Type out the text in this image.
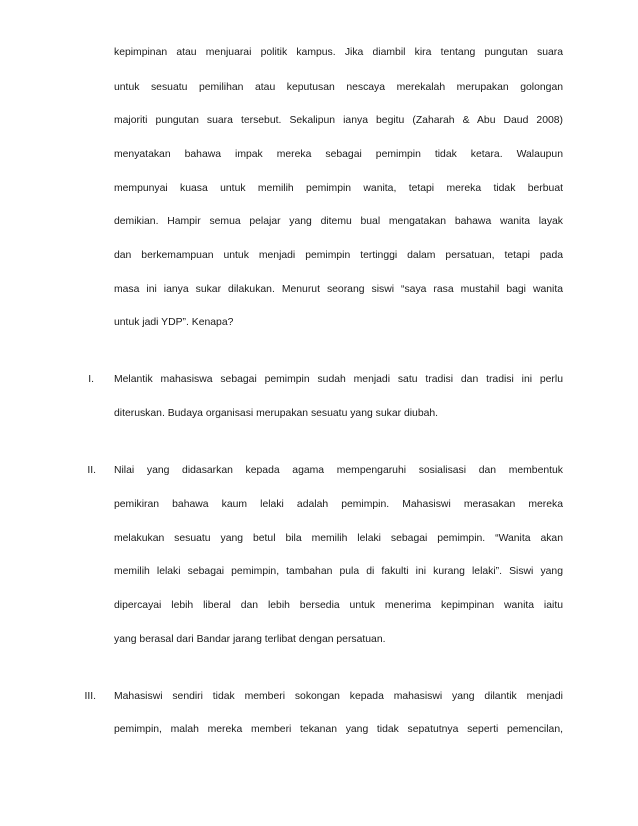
kepimpinan atau menjuarai politik kampus. Jika diambil kira tentang pungutan suara
untuk sesuatu pemilihan atau keputusan nescaya merekalah merupakan golongan
majoriti pungutan suara tersebut. Sekalipun ianya begitu (Zaharah & Abu Daud 2008)
menyatakan bahawa impak mereka sebagai pemimpin tidak ketara. Walaupun
mempunyai kuasa untuk memilih pemimpin wanita, tetapi mereka tidak berbuat
demikian. Hampir semua pelajar yang ditemu bual mengatakan bahawa wanita layak
dan berkemampuan untuk menjadi pemimpin tertinggi dalam persatuan, tetapi pada
masa ini ianya sukar dilakukan. Menurut seorang siswi “saya rasa mustahil bagi wanita
untuk jadi YDP”. Kenapa?
I. Melantik mahasiswa sebagai pemimpin sudah menjadi satu tradisi dan tradisi ini perlu
diteruskan. Budaya organisasi merupakan sesuatu yang sukar diubah.
II. Nilai yang didasarkan kepada agama mempengaruhi sosialisasi dan membentuk
pemikiran bahawa kaum lelaki adalah pemimpin. Mahasiswi merasakan mereka
melakukan sesuatu yang betul bila memilih lelaki sebagai pemimpin. “Wanita akan
memilih lelaki sebagai pemimpin, tambahan pula di fakulti ini kurang lelaki”. Siswi yang
dipercayai lebih liberal dan lebih bersedia untuk menerima kepimpinan wanita iaitu
yang berasal dari Bandar jarang terlibat dengan persatuan.
III. Mahasiswi sendiri tidak memberi sokongan kepada mahasiswi yang dilantik menjadi
pemimpin, malah mereka memberi tekanan yang tidak sepatutnya seperti pemencilan,
